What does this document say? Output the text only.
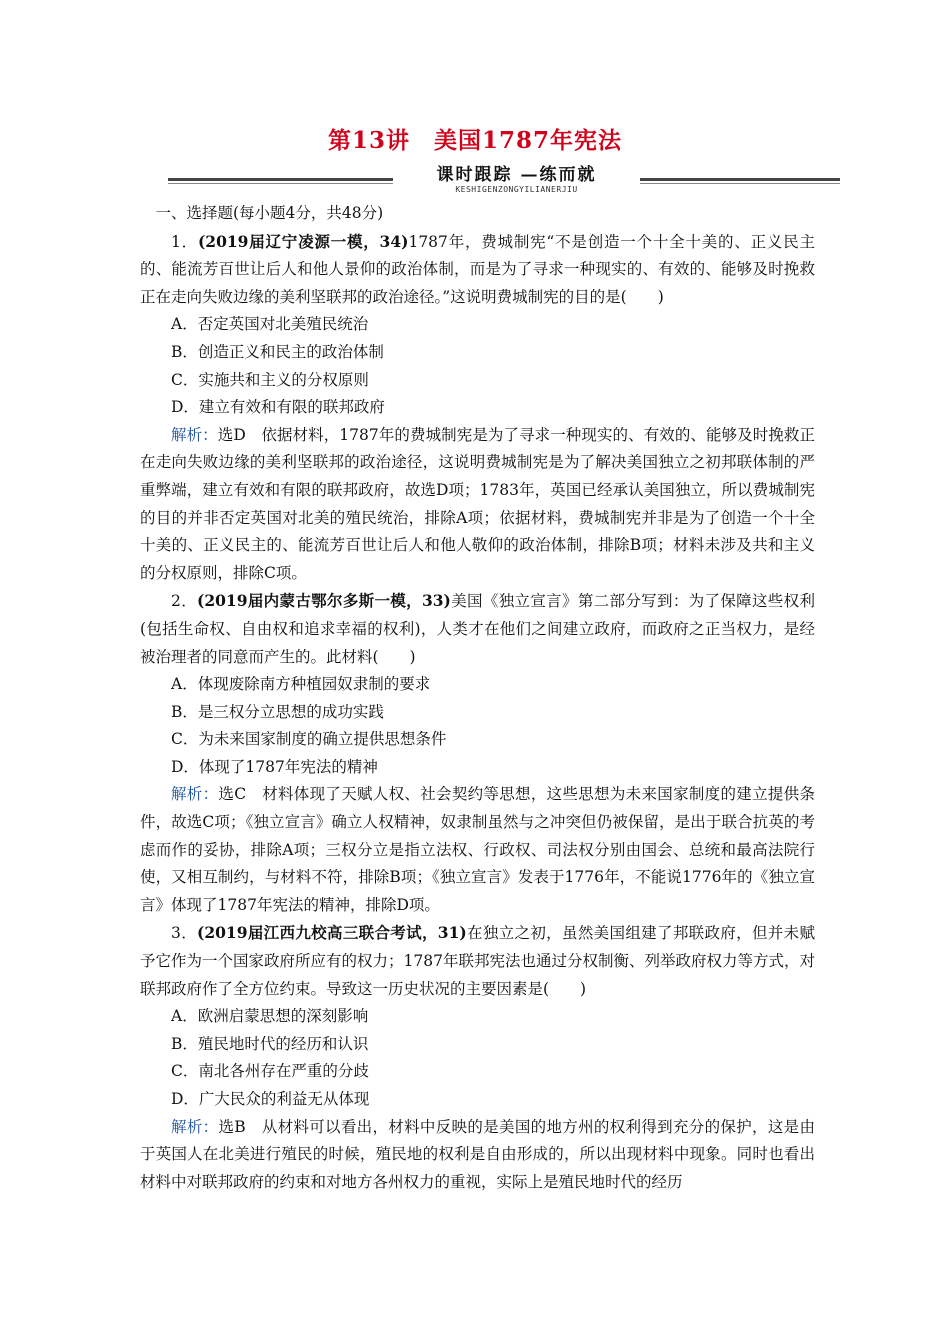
第13讲　美国1787年宪法
课时跟踪 —练而就
KESHIGENZONGYILIANERJIU

一、选择题(每小题4分，共48分)

1．(2019届辽宁凌源一模，34)1787年，费城制宪“不是创造一个十全十美的、正义民主的、能流芳百世让后人和他人景仰的政治体制，而是为了寻求一种现实的、有效的、能够及时挽救正在走向失败边缘的美利坚联邦的政治途径。”这说明费城制宪的目的是(　　)

A．否定英国对北美殖民统治

B．创造正义和民主的政治体制

C．实施共和主义的分权原则

D．建立有效和有限的联邦政府

解析：选D　依据材料，1787年的费城制宪是为了寻求一种现实的、有效的、能够及时挽救正在走向失败边缘的美利坚联邦的政治途径，这说明费城制宪是为了解决美国独立之初邦联体制的严重弊端，建立有效和有限的联邦政府，故选D项；1783年，英国已经承认美国独立，所以费城制宪的目的并非否定英国对北美的殖民统治，排除A项；依据材料，费城制宪并非是为了创造一个十全十美的、正义民主的、能流芳百世让后人和他人敬仰的政治体制，排除B项；材料未涉及共和主义的分权原则，排除C项。

2．(2019届内蒙古鄂尔多斯一模，33)美国《独立宣言》第二部分写到：为了保障这些权利(包括生命权、自由权和追求幸福的权利)，人类才在他们之间建立政府，而政府之正当权力，是经被治理者的同意而产生的。此材料(　　)

A．体现废除南方种植园奴隶制的要求

B．是三权分立思想的成功实践

C．为未来国家制度的确立提供思想条件

D．体现了1787年宪法的精神

解析：选C　材料体现了天赋人权、社会契约等思想，这些思想为未来国家制度的建立提供条件，故选C项；《独立宣言》确立人权精神，奴隶制虽然与之冲突但仍被保留，是出于联合抗英的考虑而作的妥协，排除A项；三权分立是指立法权、行政权、司法权分别由国会、总统和最高法院行使，又相互制约，与材料不符，排除B项；《独立宣言》发表于1776年，不能说1776年的《独立宣言》体现了1787年宪法的精神，排除D项。

3．(2019届江西九校高三联合考试，31)在独立之初，虽然美国组建了邦联政府，但并未赋予它作为一个国家政府所应有的权力；1787年联邦宪法也通过分权制衡、列举政府权力等方式，对联邦政府作了全方位约束。导致这一历史状况的主要因素是(　　)

A．欧洲启蒙思想的深刻影响

B．殖民地时代的经历和认识

C．南北各州存在严重的分歧

D．广大民众的利益无从体现

解析：选B　从材料可以看出，材料中反映的是美国的地方州的权利得到充分的保护，这是由于英国人在北美进行殖民的时候，殖民地的权利是自由形成的，所以出现材料中现象。同时也看出材料中对联邦政府的约束和对地方各州权力的重视，实际上是殖民地时代的经历
